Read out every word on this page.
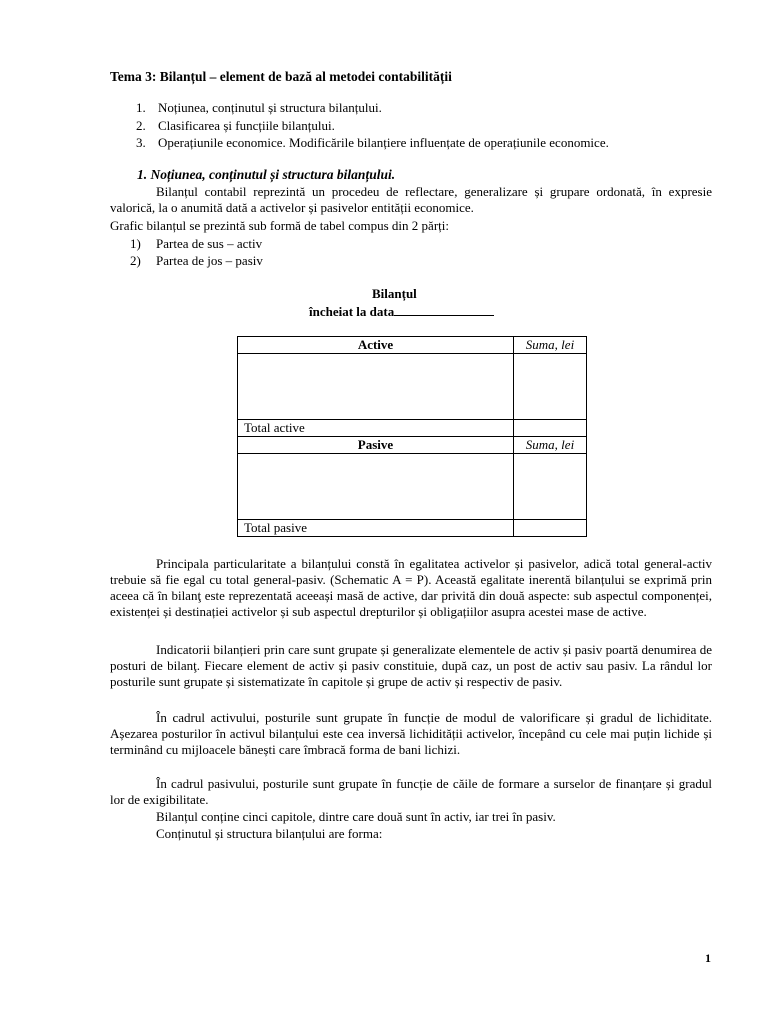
Tema 3: Bilanțul – element de bază al metodei contabilității
1. Noțiunea, conținutul și structura bilanțului.
2. Clasificarea și funcțiile bilanțului.
3. Operațiunile economice. Modificările bilanțiere influențate de operațiunile economice.
1. Noțiunea, conținutul și structura bilanțului.
Bilanțul contabil reprezintă un procedeu de reflectare, generalizare și grupare ordonată, în expresie valorică, la o anumită dată a activelor și pasivelor entității economice.
Grafic bilanțul se prezintă sub formă de tabel compus din 2 părți:
1) Partea de sus – activ
2) Partea de jos – pasiv
Bilanțul
încheiat la data
Active	Suma, lei

Total active	
Pasive	Suma, lei

Total pasive	
Principala particularitate a bilanțului constă în egalitatea activelor și pasivelor, adică total general-activ trebuie să fie egal cu total general-pasiv. (Schematic A = P). Această egalitate inerentă bilanțului se exprimă prin aceea că în bilanţ este reprezentată aceeași masă de active, dar privită din două aspecte: sub aspectul componenței, existenței și destinației activelor și sub aspectul drepturilor și obligațiilor asupra acestei mase de active.
Indicatorii bilanțieri prin care sunt grupate și generalizate elementele de activ și pasiv poartă denumirea de posturi de bilanţ. Fiecare element de activ și pasiv constituie, după caz, un post de activ sau pasiv. La rândul lor posturile sunt grupate și sistematizate în capitole și grupe de activ și respectiv de pasiv.
În cadrul activului, posturile sunt grupate în funcție de modul de valorificare și gradul de lichiditate. Așezarea posturilor în activul bilanțului este cea inversă lichidității activelor, începând cu cele mai puțin lichide și terminând cu mijloacele bănești care îmbracă forma de bani lichizi.
În cadrul pasivului, posturile sunt grupate în funcție de căile de formare a surselor de finanțare și gradul lor de exigibilitate.
Bilanțul conține cinci capitole, dintre care două sunt în activ, iar trei în pasiv.
Conținutul și structura bilanțului are forma:
1
